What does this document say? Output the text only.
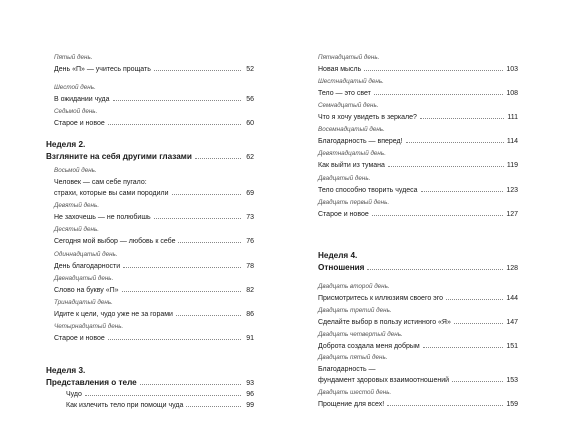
Пятый день.
День «П» — учитесь прощать	52
Шестой день.
В ожидании чуда	56
Седьмой день.
Старое и новое	60
Неделя 2.
Взгляните на себя другими глазами	62
Восьмой день.
Человек — сам себе пугало:
страхи, которые вы сами породили	69
Девятый день.
Не захочешь — не полюбишь	73
Десятый день.
Сегодня мой выбор — любовь к себе	76
Одиннадцатый день.
День благодарности	78
Двенадцатый день.
Слово на букву «П»	82
Тринадцатый день.
Идите к цели, чудо уже не за горами	86
Четырнадцатый день.
Старое и новое	91
Неделя 3.
Представления о теле	93
Чудо	96
Как излечить тело при помощи чуда	99
Пятнадцатый день.
Новая мысль	103
Шестнадцатый день.
Тело — это свет	108
Семнадцатый день.
Что я хочу увидеть в зеркале?	111
Восемнадцатый день.
Благодарность — вперед!	114
Девятнадцатый день.
Как выйти из тумана	119
Двадцатый день.
Тело способно творить чудеса	123
Двадцать первый день.
Старое и новое	127
Неделя 4.
Отношения	128
Двадцать второй день.
Присмотритесь к иллюзиям своего эго	144
Двадцать третий день.
Сделайте выбор в пользу истинного «Я»	147
Двадцать четвертый день.
Доброта создала меня добрым	151
Двадцать пятый день.
Благодарность —
фундамент здоровых взаимоотношений	153
Двадцать шестой день.
Прощение для всех!	159
